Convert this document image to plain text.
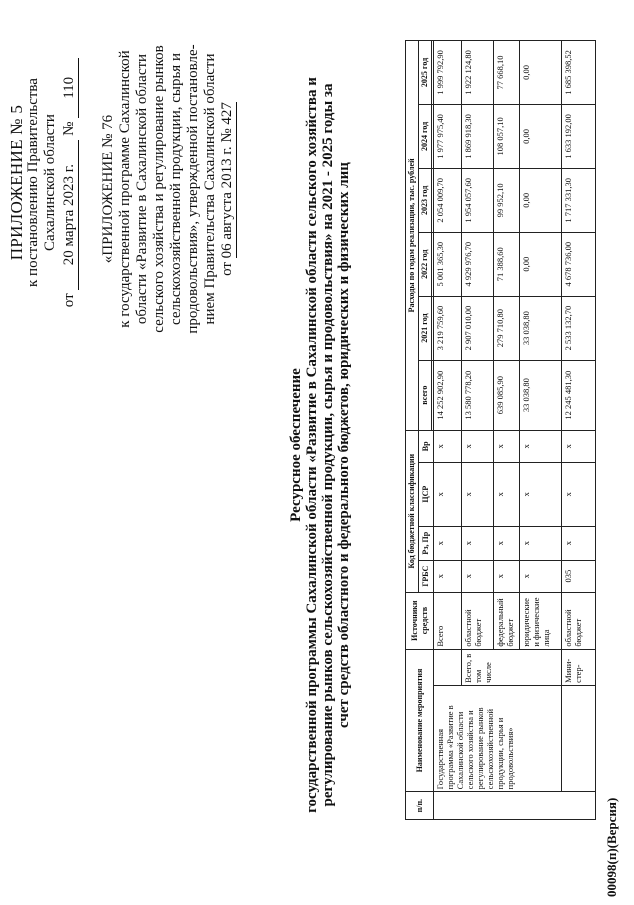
ПРИЛОЖЕНИЕ № 5 к постановлению Правительства Сахалинской области
от 20 марта 2023 г. № 110
«ПРИЛОЖЕНИЕ № 76 к государственной программе Сахалинской области «Развитие в Сахалинской области сельского хозяйства и регулирование рынков сельскохозяйственной продукции, сырья и продовольствия», утвержденной постановле- нием Правительства Сахалинской области от 06 августа 2013 г. № 427
Ресурсное обеспечение государственной программы Сахалинской области «Развитие в Сахалинской области сельского хозяйства и регулирование рынков сельскохозяйственной продукции, сырья и продовольствия» на 2021 - 2025 годы за счет средств областного и федерального бюджетов, юридических и физических лиц
п/п.	Наименование мероприятия		Источники средств	Код бюджетной классификации				Расходы по годам реализации, тыс. рублей					
				ГРБС	Рз, Пр	ЦСР	Вр	всего	2021 год	2022 год	2023 год	2024 год	2025 год

	Государственная программа «Развитие в Сахалинской области сельского хозяйства и регулирование рынков сельскохозяйственной продукции, сырья и продовольствия»		Всего	x	x	x	x	14 252 902,90	3 219 759,60	5 001 365,30	2 054 009,70	1 977 975,40	1 999 792,90
		Всего, в том числе	областной бюджет	x	x	x	x	13 580 778,20	2 907 010,00	4 929 976,70	1 954 057,60	1 869 918,30	1 922 124,80
			федеральный бюджет	x	x	x	x	639 085,90	279 710,80	71 388,60	99 952,10	108 057,10	77 668,10
			юридические и физические лица	x	x	x	x	33 038,80	33 038,80	0,00	0,00	0,00	0,00
		Мини-стер-	областной бюджет	035	x	x	x	12 245 481,30	2 533 132,70	4 678 736,00	1 717 331,30	1 633 192,00	1 685 398,52
00098(п)(Версия)
